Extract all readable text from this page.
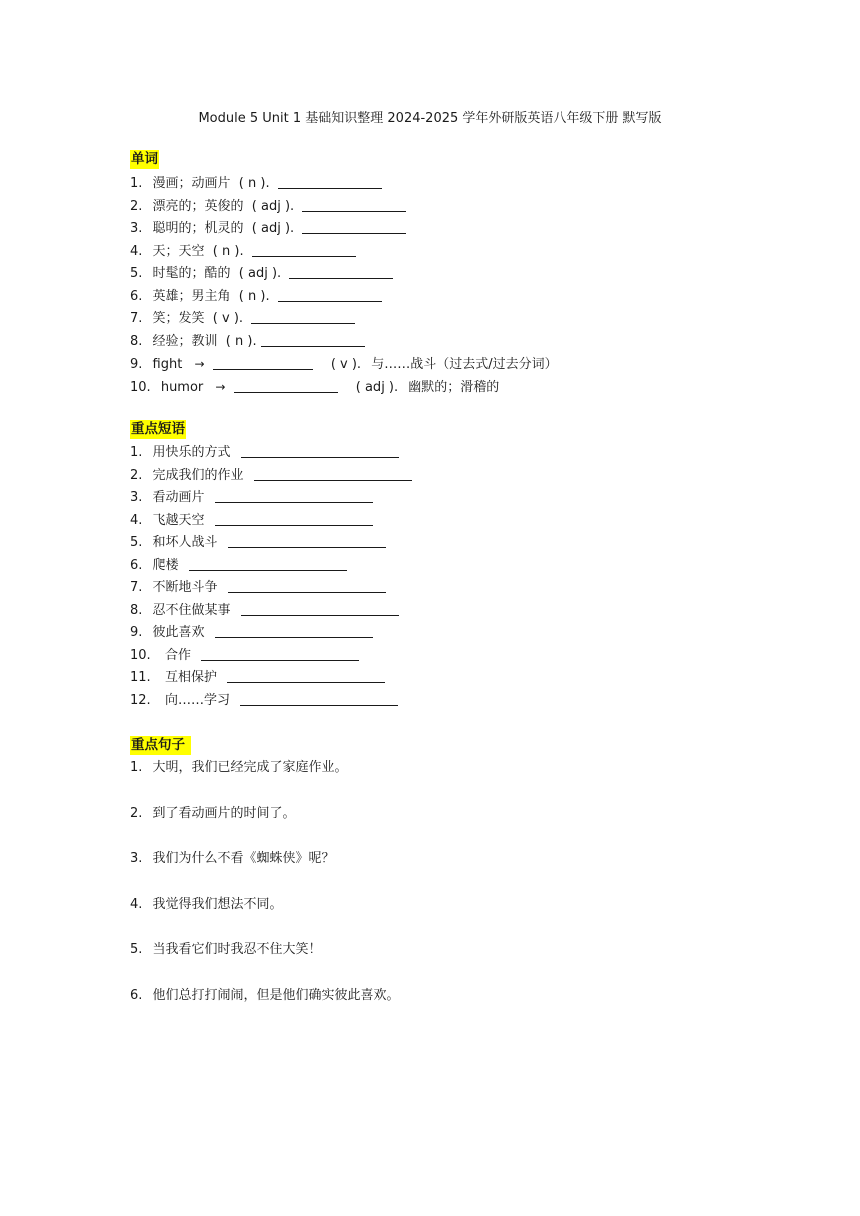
Module 5 Unit 1 基础知识整理 2024-2025 学年外研版英语八年级下册 默写版
单词
1. 漫画；动画片  ( n ).
2. 漂亮的；英俊的  ( adj ).
3. 聪明的；机灵的  ( adj ).
4. 天；天空  ( n ).
5. 时髦的；酷的  ( adj ).
6. 英雄；男主角  ( n ).
7. 笑；发笑  ( v ).
8. 经验；教训  ( n ).
9. fight →	( v ). 与……战斗（过去式/过去分词）
10. humor →	( adj ). 幽默的；滑稽的
重点短语
1. 用快乐的方式
2. 完成我们的作业
3. 看动画片
4. 飞越天空
5. 和坏人战斗
6. 爬楼
7. 不断地斗争
8. 忍不住做某事
9. 彼此喜欢
10.  合作
11.  互相保护
12.  向……学习
重点句子
1. 大明，我们已经完成了家庭作业。
2. 到了看动画片的时间了。
3. 我们为什么不看《蜘蛛侠》呢？
4. 我觉得我们想法不同。
5. 当我看它们时我忍不住大笑！
6. 他们总打打闹闹，但是他们确实彼此喜欢。
